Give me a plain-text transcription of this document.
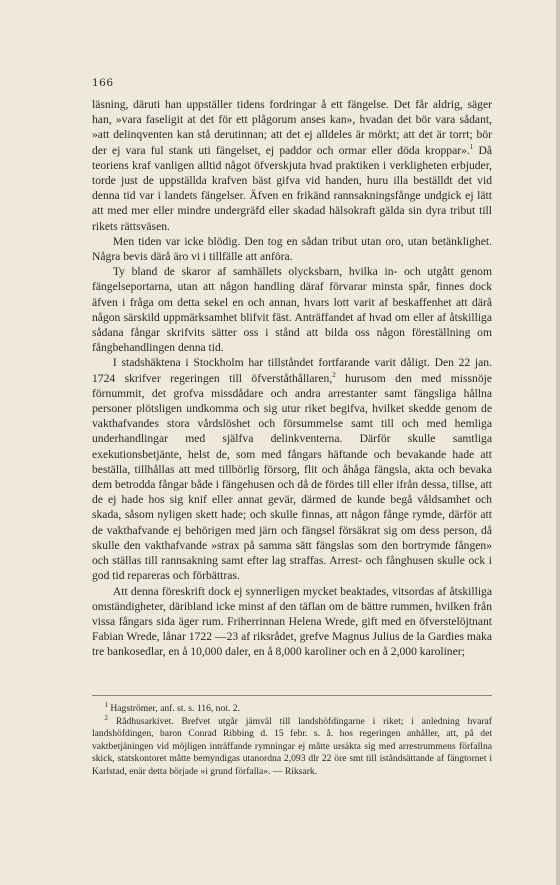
166

läsning, däruti han uppställer tidens fordringar å ett fängelse. Det får aldrig, säger han, »vara faseligit at det för ett plågorum anses kan», hvadan det bör vara sådant, »att delinqventen kan stå derutinnan; att det ej alldeles är mörkt; att det är torrt; bör der ej vara ful stank uti fängelset, ej paddor och ormar eller döda kroppar».$^1$ Då teoriens kraf vanligen alltid något öfverskjuta hvad praktiken i verkligheten erbjuder, torde just de uppställda krafven bäst gifva vid handen, huru illa beställdt det vid denna tid var i landets fängelser. Äfven en frikänd rannsakningsfånge undgick ej lätt att med mer eller mindre undergräfd eller skadad hälsokraft gälda sin dyra tribut till rikets rättsväsen.

Men tiden var icke blödig. Den tog en sådan tribut utan oro, utan betänklighet. Några bevis därå äro vi i tillfälle att anföra.

Ty bland de skaror af samhällets olycksbarn, hvilka in- och utgått genom fängelseportarna, utan att någon handling däraf förvarar minsta spår, finnes dock äfven i fråga om detta sekel en och annan, hvars lott varit af beskaffenhet att därå någon särskild uppmärksamhet blifvit fäst. Anträffandet af hvad om eller af åtskilliga sådana fångar skrifvits sätter oss i stånd att bilda oss någon föreställning om fångbehandlingen denna tid.

I stadshäktena i Stockholm har tillståndet fortfarande varit dåligt. Den 22 jan. 1724 skrifver regeringen till öfverståthållaren,$^2$ hurusom den med missnöje förnummit, det grofva missdådare och andra arrestanter samt fängsliga hållna personer plötsligen undkomma och sig utur riket begifva, hvilket skedde genom de vakthafvandes stora vårdslöshet och försummelse samt till och med hemliga underhandlingar med själfva delinkventerna. Därför skulle samtliga exekutionsbetjänte, helst de, som med fångars häftande och bevakande hade att beställa, tillhållas att med tillbörlig försorg, flit och åhåga fängsla, akta och bevaka dem betrodda fångar både i fängehusen och då de fördes till eller ifrån dessa, tillse, att de ej hade hos sig knif eller annat gevär, därmed de kunde begå våldsamhet och skada, såsom nyligen skett hade; och skulle finnas, att någon fånge rymde, därför att de vakthafvande ej behörigen med järn och fängsel försäkrat sig om dess person, då skulle den vakthafvande »strax på samma sätt fängslas som den bortrymde fången» och ställas till rannsakning samt efter lag straffas. Arrest- och fånghusen skulle ock i god tid repareras och förbättras.

Att denna föreskrift dock ej synnerligen mycket beaktades, vitsordas af åtskilliga omständigheter, däribland icke minst af den täflan om de bättre rummen, hvilken från vissa fångars sida äger rum. Friherrinnan Helena Wrede, gift med en öfverstelöjtnant Fabian Wrede, lånar 1722 —23 af riksrådet, grefve Magnus Julius de la Gardies maka tre bankosedlar, en å 10,000 daler, en å 8,000 karoliner och en å 2,000 karoliner;

$^1$ Hagströmer, anf. st. s. 116, not. 2.

$^2$ Rådhusarkivet. Brefvet utgår jämväl till landshöfdingarne i riket; i anledning hvaraf landshöfdingen, baron Conrad Ribbing d. 15 febr. s. å. hos regeringen anhåller, att, på det vaktbetjäningen vid möjligen inträffande rymningar ej måtte ursäkta sig med arrestrummens förfallna skick, statskontoret måtte bemyndigas utanordna 2,093 dlr 22 öre smt till iståndsättande af fängtornet i Karlstad, enär detta började »i grund förfalla». — Riksark.
